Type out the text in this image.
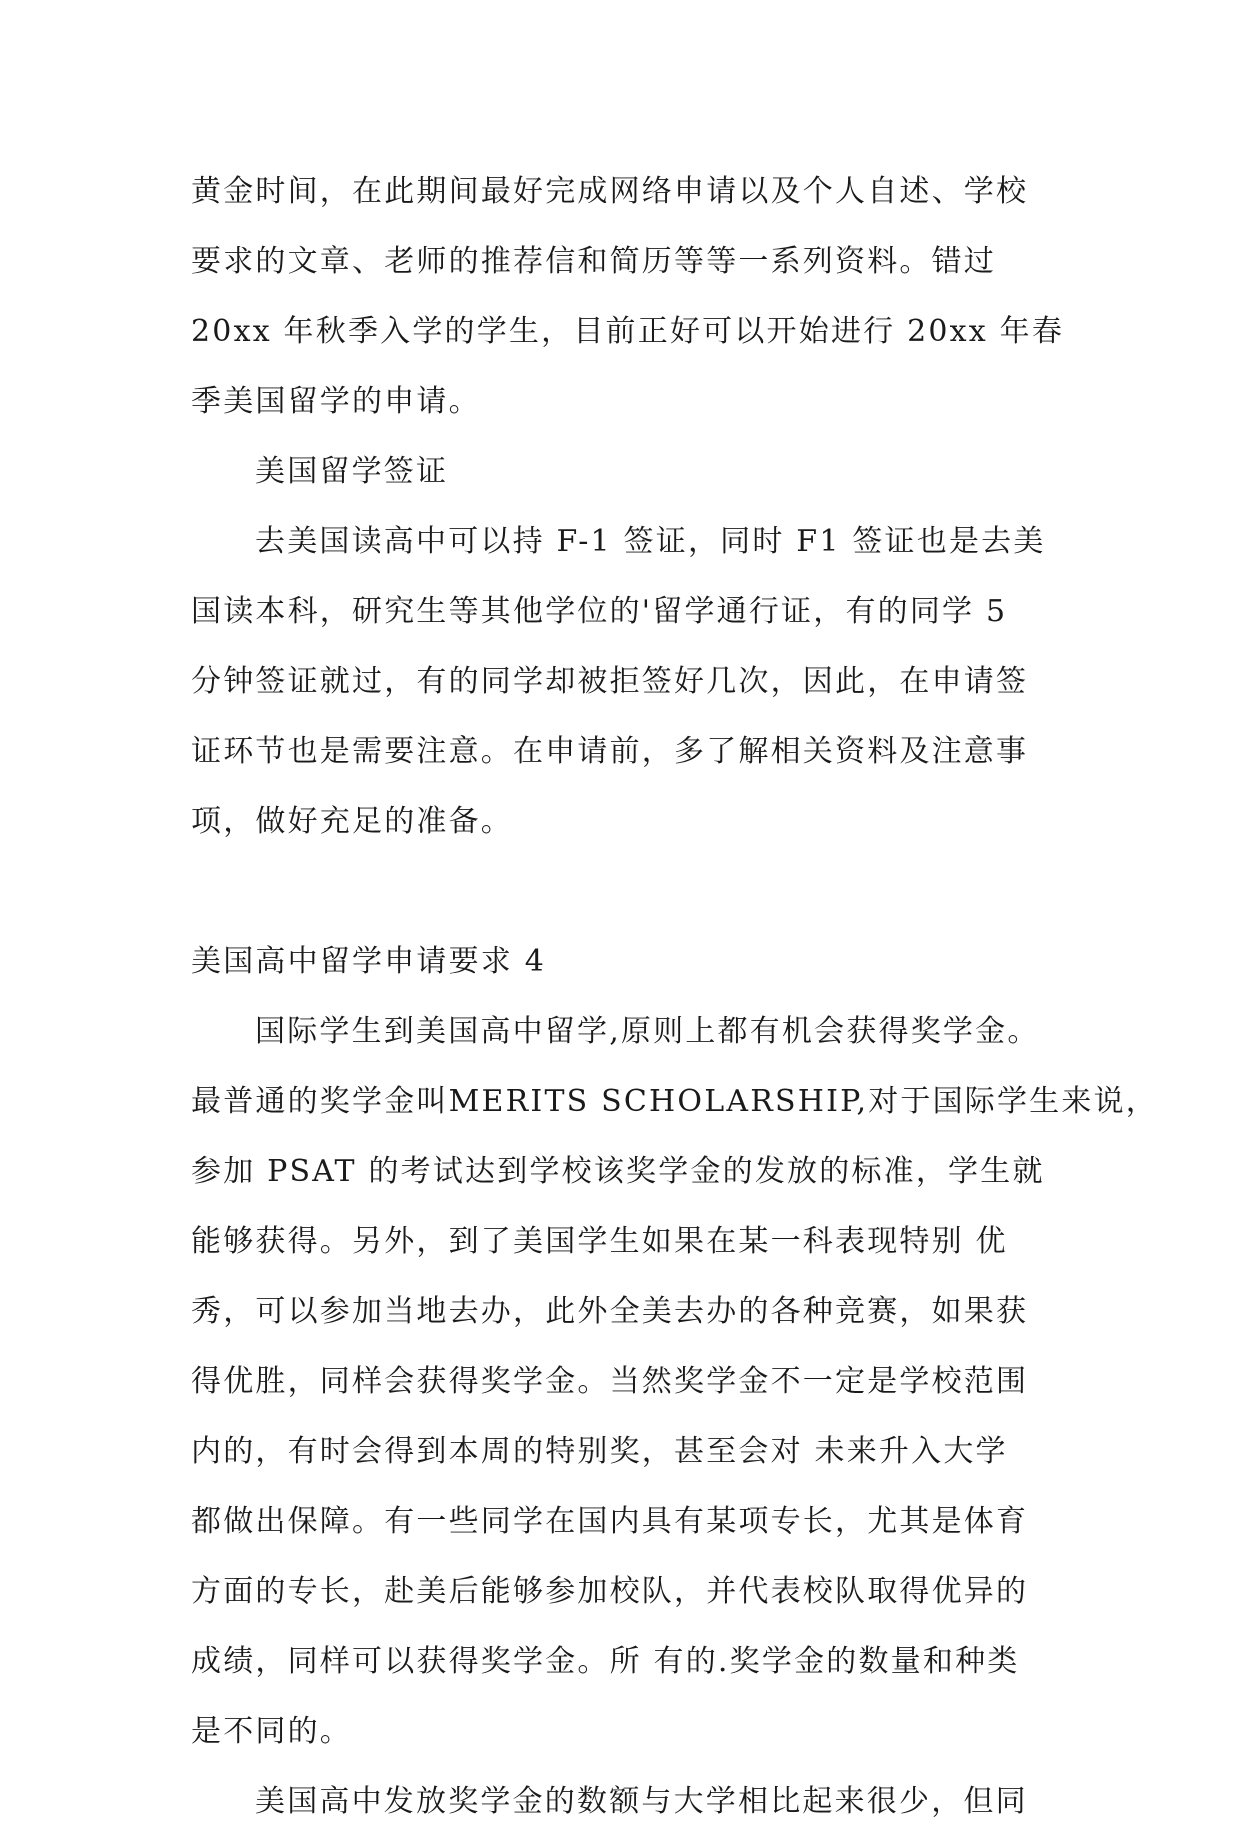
黄金时间，在此期间最好完成网络申请以及个人自述、学校
要求的文章、老师的推荐信和简历等等一系列资料。错过
20xx 年秋季入学的学生，目前正好可以开始进行 20xx 年春
季美国留学的申请。
美国留学签证
去美国读高中可以持 F-1 签证，同时 F1 签证也是去美
国读本科，研究生等其他学位的'留学通行证，有的同学 5
分钟签证就过，有的同学却被拒签好几次，因此，在申请签
证环节也是需要注意。在申请前，多了解相关资料及注意事
项，做好充足的准备。
美国高中留学申请要求 4
国际学生到美国高中留学,原则上都有机会获得奖学金。
最普通的奖学金叫MERITS SCHOLARSHIP,对于国际学生来说，
参加 PSAT 的考试达到学校该奖学金的发放的标准，学生就
能够获得。另外，到了美国学生如果在某一科表现特别 优
秀，可以参加当地去办，此外全美去办的各种竞赛，如果获
得优胜，同样会获得奖学金。当然奖学金不一定是学校范围
内的，有时会得到本周的特别奖，甚至会对 未来升入大学
都做出保障。有一些同学在国内具有某项专长，尤其是体育
方面的专长，赴美后能够参加校队，并代表校队取得优异的
成绩，同样可以获得奖学金。所 有的.奖学金的数量和种类
是不同的。
美国高中发放奖学金的数额与大学相比起来很少，但同
